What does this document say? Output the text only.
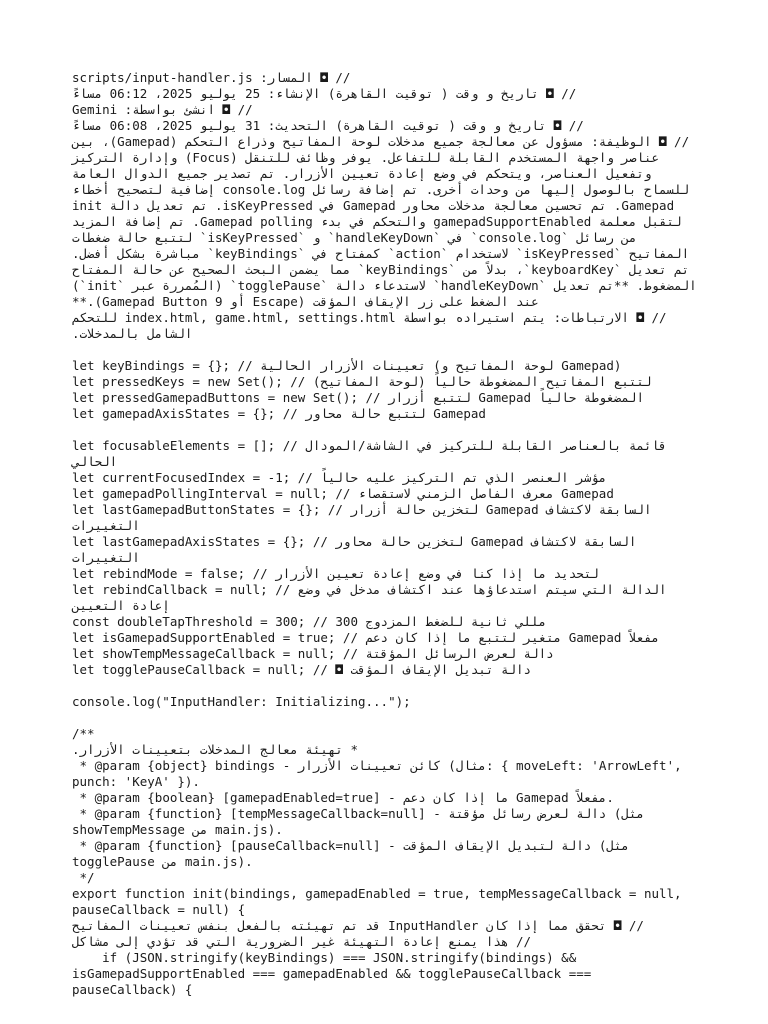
// ◘ المسار: scripts/input-handler.js
// ◘ تاريخ و وقت ( توقيت القاهرة) الإنشاء: 25 يوليو 2025، 06:12 مساءً
// ◘ انشئ بواسطة: Gemini
// ◘ تاريخ و وقت ( توقيت القاهرة) التحديث: 31 يوليو 2025، 06:08 مساءً
// ◘ الوظيفة: مسؤول عن معالجة جميع مدخلات لوحة المفاتيح وذراع التحكم (Gamepad)، بين عناصر واجهة المستخدم القابلة للتفاعل. يوفر وظائف للتنقل (Focus) وإدارة التركيز وتفعيل العناصر، ويتحكم في وضع إعادة تعيين الأزرار. تم تصدير جميع الدوال العامة للسماح بالوصول إليها من وحدات أخرى. تم إضافة رسائل console.log إضافية لتصحيح أخطاء Gamepad. تم تحسين معالجة مدخلات محاور Gamepad في isKeyPressed. تم تعديل دالة init لتقبل معلمة gamepadSupportEnabled والتحكم في بدء Gamepad polling. تم إضافة المزيد من رسائل `console.log` في `handleKeyDown` و `isKeyPressed` لتتبع حالة ضغطات المفاتيح `isKeyPressed` لاستخدام `action` كمفتاح في `keyBindings` مباشرة بشكل أفضل. تم تعديل `keyboardKey`، بدلاً من `keyBindings` مما يضمن البحث الصحيح عن حالة المفتاح المضغوط. **تم تعديل `handleKeyDown` لاستدعاء دالة `togglePause` (المُمررة عبر `init`) عند الضغط على زر الإيقاف المؤقت (Escape أو Gamepad Button 9).**
// ◘ الارتباطات: يتم استيراده بواسطة index.html, game.html, settings.html للتحكم الشامل بالمدخلات.
let keyBindings = {}; // تعيينات الأزرار الحالية (لوحة المفاتيح و Gamepad)
let pressedKeys = new Set(); // لتتبع المفاتيح المضغوطة حالياً (لوحة المفاتيح)
let pressedGamepadButtons = new Set(); // لتتبع أزرار Gamepad المضغوطة حالياً
let gamepadAxisStates = {}; // لتتبع حالة محاور Gamepad
let focusableElements = []; // قائمة بالعناصر القابلة للتركيز في الشاشة/المودال الحالي
let currentFocusedIndex = -1; // مؤشر العنصر الذي تم التركيز عليه حالياً
let gamepadPollingInterval = null; // معرف الفاصل الزمني لاستقصاء Gamepad
let lastGamepadButtonStates = {}; // لتخزين حالة أزرار Gamepad السابقة لاكتشاف التغييرات
let lastGamepadAxisStates = {}; // لتخزين حالة محاور Gamepad السابقة لاكتشاف التغييرات
let rebindMode = false; // لتحديد ما إذا كنا في وضع إعادة تعيين الأزرار
let rebindCallback = null; // الدالة التي سيتم استدعاؤها عند اكتشاف مدخل في وضع إعادة التعيين
const doubleTapThreshold = 300; // 300 مللي ثانية للضغط المزدوج
let isGamepadSupportEnabled = true; // متغير لتتبع ما إذا كان دعم Gamepad مفعلاً
let showTempMessageCallback = null; // دالة لعرض الرسائل المؤقتة
let togglePauseCallback = null; // ◘ دالة تبديل الإيقاف المؤقت
console.log("InputHandler: Initializing...");
/**
* تهيئة معالج المدخلات بتعيينات الأزرار.
* @param {object} bindings - كائن تعيينات الأزرار (مثال: { moveLeft: 'ArrowLeft', punch: 'KeyA' }).
* @param {boolean} [gamepadEnabled=true] - ما إذا كان دعم Gamepad مفعلاً.
* @param {function} [tempMessageCallback=null] - دالة لعرض رسائل مؤقتة (مثل showTempMessage من main.js).
* @param {function} [pauseCallback=null] - دالة لتبديل الإيقاف المؤقت (مثل togglePause من main.js).
*/
export function init(bindings, gamepadEnabled = true, tempMessageCallback = null, pauseCallback = null) {
// ◘ تحقق مما إذا كان InputHandler قد تم تهيئته بالفعل بنفس تعيينات المفاتيح
// هذا يمنع إعادة التهيئة غير الضرورية التي قد تؤدي إلى مشاكل
if (JSON.stringify(keyBindings) === JSON.stringify(bindings) && isGamepadSupportEnabled === gamepadEnabled && togglePauseCallback === pauseCallback) {
